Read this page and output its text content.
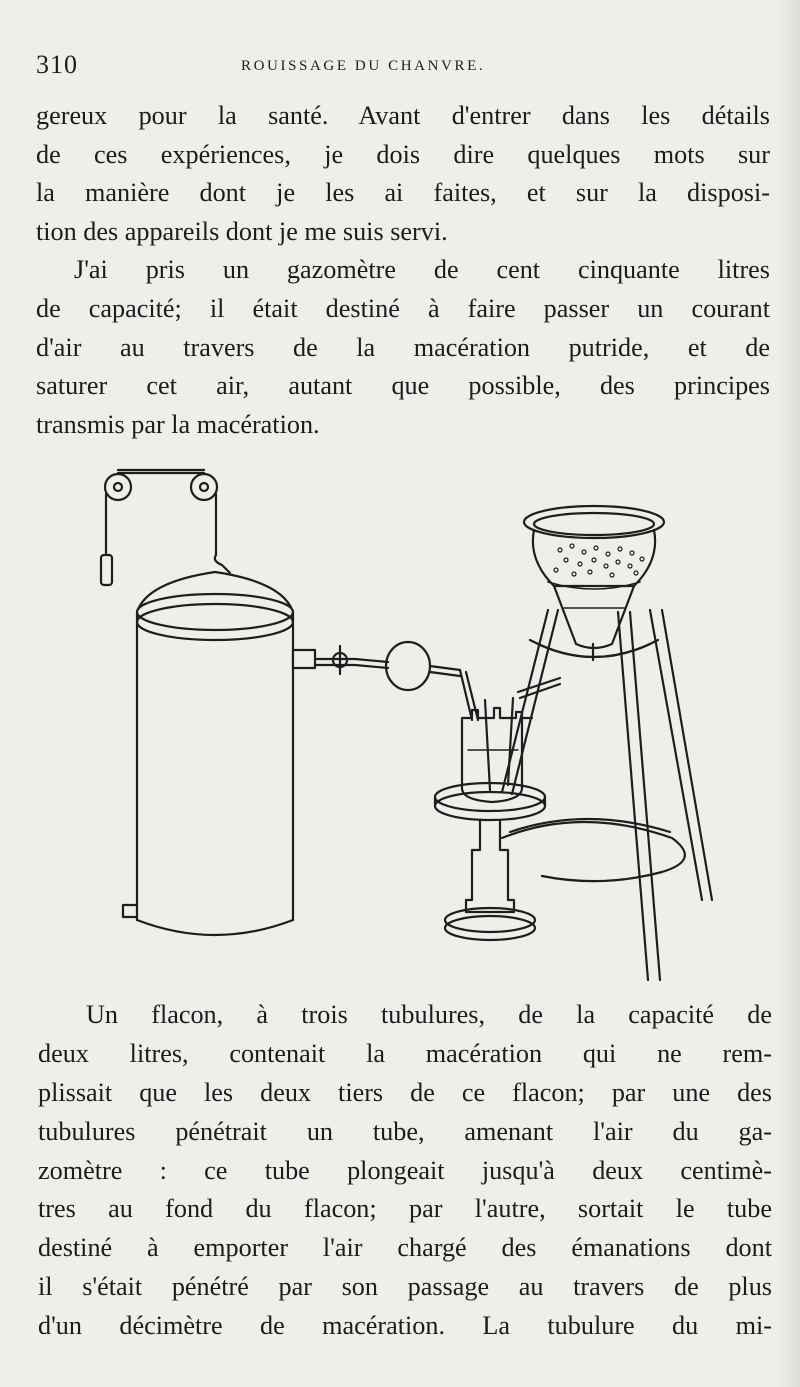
310	ROUISSAGE DU CHANVRE.
gereux pour la santé. Avant d'entrer dans les détails
de ces expériences, je dois dire quelques mots sur
la manière dont je les ai faites, et sur la disposi-
tion des appareils dont je me suis servi.
J'ai pris un gazomètre de cent cinquante litres
de capacité; il était destiné à faire passer un courant
d'air au travers de la macération putride, et de
saturer cet air, autant que possible, des principes
transmis par la macération.
Un flacon, à trois tubulures, de la capacité de
deux litres, contenait la macération qui ne rem-
plissait que les deux tiers de ce flacon; par une des
tubulures pénétrait un tube, amenant l'air du ga-
zomètre : ce tube plongeait jusqu'à deux centimè-
tres au fond du flacon; par l'autre, sortait le tube
destiné à emporter l'air chargé des émanations dont
il s'était pénétré par son passage au travers de plus
d'un décimètre de macération. La tubulure du mi-
